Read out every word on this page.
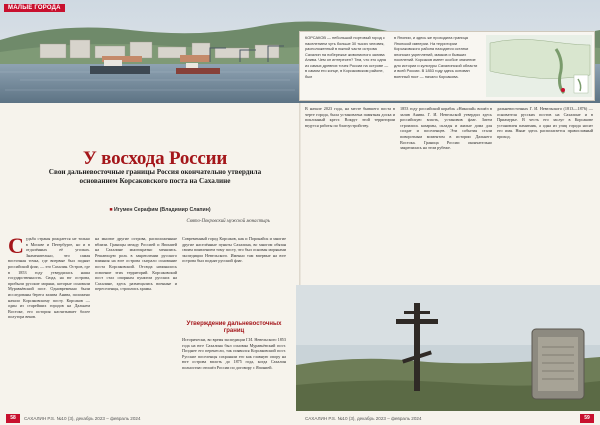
МАЛЫЕ ГОРОДА
КОРСАКОВ — небольшой портовый город с населением чуть больше 30 тысяч человек, расположенный в южной части острова Сахалин на побережье живописного залива Анива. Чем он интересен? Тем, что это одна из самых древних точек России на острове — в самом его конце, в Корсаковском районе, был
в Японии, и здесь же проходила граница Японской империи. На территории Корсаковского района находятся остатки японских укреплений, маяков и бывших поселений. Корсаков имеет особое значение для истории и культуры Сахалинской области и всей России. В 1853 году здесь основан военный пост — начало Корсакова.
У восхода России
Свои дальневосточные границы Россия окончательно утвердила основанием Корсаковского поста на Сахалине
■ Игумен Серафим (Владимир Слапин)
Свято-Покровский мужской монастырь
Судьба страны рождается не только в Москве и Петербурге, но и в отдалённых её уголках. Знаменательно, что самая восточная точка, где впервые был поднят российский флаг, — это Сахалин. Остров, где в 1853 году утвердилась наша государственность. Сюда, на юг острова, прибыли русские моряки, которые основали Муравьёвский пост. Одновременно были исследованы берега залива Анива, положено начало Корсаковскому посту. Корсаков — один из старейших городов на Дальнем Востоке, его история насчитывает более полутора веков.
на многие другие острова, расположенные вблизи. Границы между Россией и Японией на Сахалине многократно менялись. Решающую роль в закреплении русского влияния на юге острова сыграло основание поста Корсаковский. Отсюда начиналось освоение этих территорий. Корсаковский пост стал опорным пунктом русских на Сахалине, здесь размещались военные и переселенцы, строились храмы.
Современный город Корсаков, как и Поронайск и многие другие населённые пункты Сахалина, во многом обязан своим появлением тому посту, что был основан моряками экспедиции Невельского. Именно там впервые на юге острова был поднят русский флаг.
Утверждение дальневосточных границ
Исторически, во время экспедиции Г.И. Невельского 1853 года на юге Сахалина был основан Муравьёвский пост. Позднее его перенесли, так появился Корсаковский пост. Русские поселенцы сохраняли его как главную опору на юге острова вплоть до 1875 года, когда Сахалин полностью отошёл России по договору с Японией.
В начале 2023 года, на месте бывшего поста в черте города, была установлена памятная доска и поклонный крест. Вокруг этой территории ведутся работы по благоустройству.
1853 году российский корабль «Николай» вошёл в залив Анива. Г. И. Невельской утвердил здесь российскую власть, установив флаг. Затем строились казармы, склады и жилые дома для солдат и поселенцев. Эти события стали поворотным моментом в истории Дальнего Востока. Граница России окончательно закрепилась на этом рубеже.
дальневосточных Г. И. Невельского (1813—1876) — основателя русских постов на Сахалине и в Приамурье. В честь его заслуг в Корсакове установлен памятник, а одна из улиц города носит его имя. Ныне здесь располагается православный приход.
58	САХАЛИН Р.S. №10 (3), декабрь 2023 – февраль 2024	САХАЛИН Р.S. №10 (3), декабрь 2023 – февраль 2024	59
